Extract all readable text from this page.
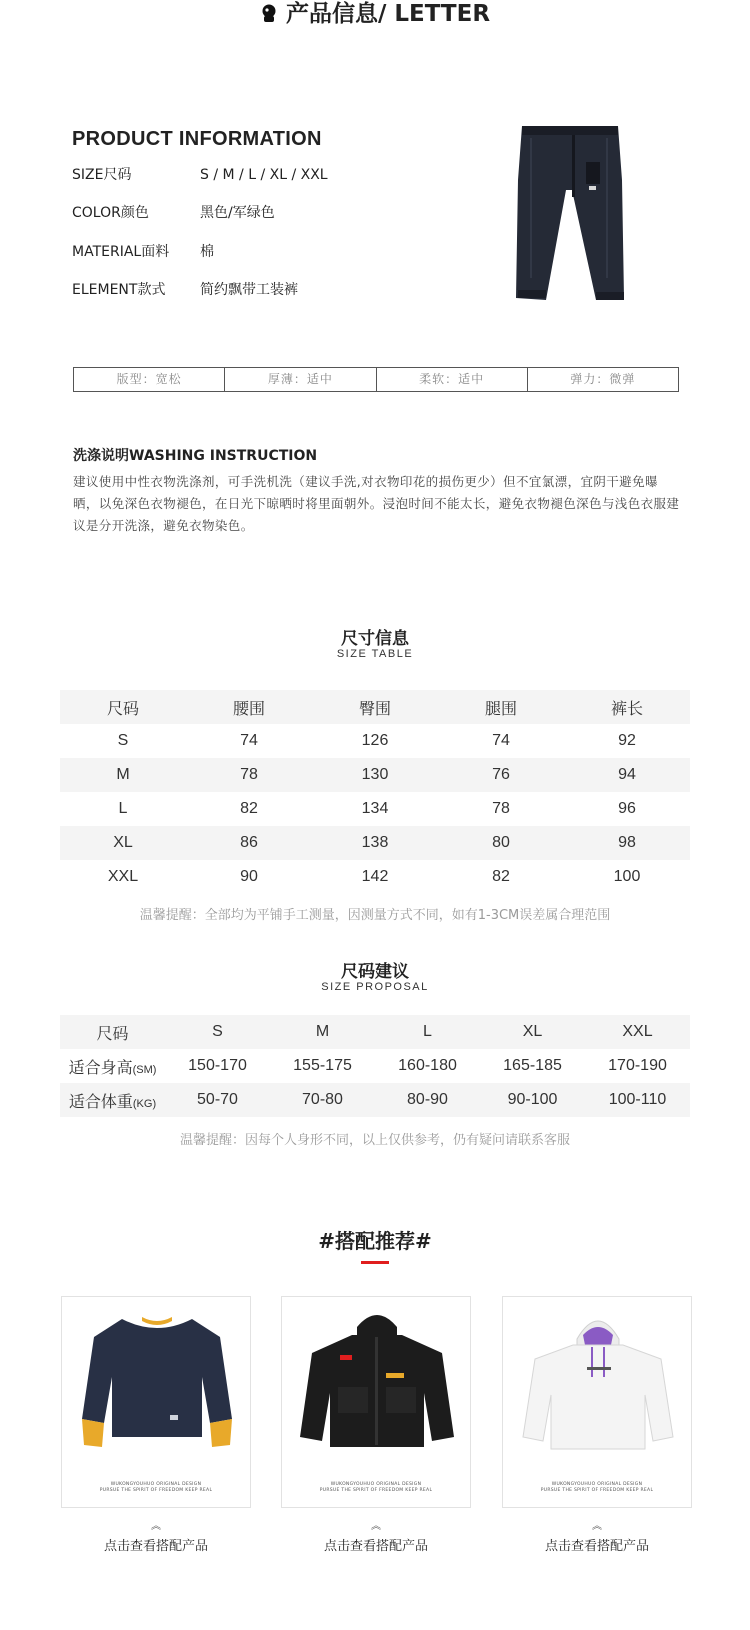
产品信息/ LETTER
PRODUCT INFORMATION
SIZE尺码	S / M / L / XL / XXL
COLOR颜色	黑色/军绿色
MATERIAL面料 棉
ELEMENT款式 简约飘带工装裤
版型：宽松	厚薄：适中	柔软：适中	弹力：微弹
洗涤说明WASHING INSTRUCTION
建议使用中性衣物洗涤剂，可手洗机洗（建议手洗,对衣物印花的损伤更少）但不宜氯漂，宜阴干避免曝晒，以免深色衣物褪色，在日光下晾晒时将里面朝外。浸泡时间不能太长，避免衣物褪色深色与浅色衣服建议是分开洗涤，避免衣物染色。
尺寸信息
SIZE TABLE
尺码	腰围	臀围	腿围	裤长
S	74	126	74	92
M	78	130	76	94
L	82	134	78	96
XL	86	138	80	98
XXL	90	142	82	100
温馨提醒：全部均为平铺手工测量，因测量方式不同，如有1-3CM误差属合理范围
尺码建议
SIZE PROPOSAL
尺码	S	M	L	XL	XXL
适合身高(SM)	150-170	155-175	160-180	165-185	170-190
适合体重(KG)	50-70	70-80	80-90	90-100	100-110
温馨提醒：因每个人身形不同，以上仅供参考，仍有疑问请联系客服
#搭配推荐#
WUKONGYOUHUO ORIGINAL DESIGN
PURSUE THE SPIRIT OF FREEDOM KEEP REAL
︽
点击查看搭配产品
WUKONGYOUHUO ORIGINAL DESIGN
PURSUE THE SPIRIT OF FREEDOM KEEP REAL
︽
点击查看搭配产品
WUKONGYOUHUO ORIGINAL DESIGN
PURSUE THE SPIRIT OF FREEDOM KEEP REAL
︽
点击查看搭配产品
